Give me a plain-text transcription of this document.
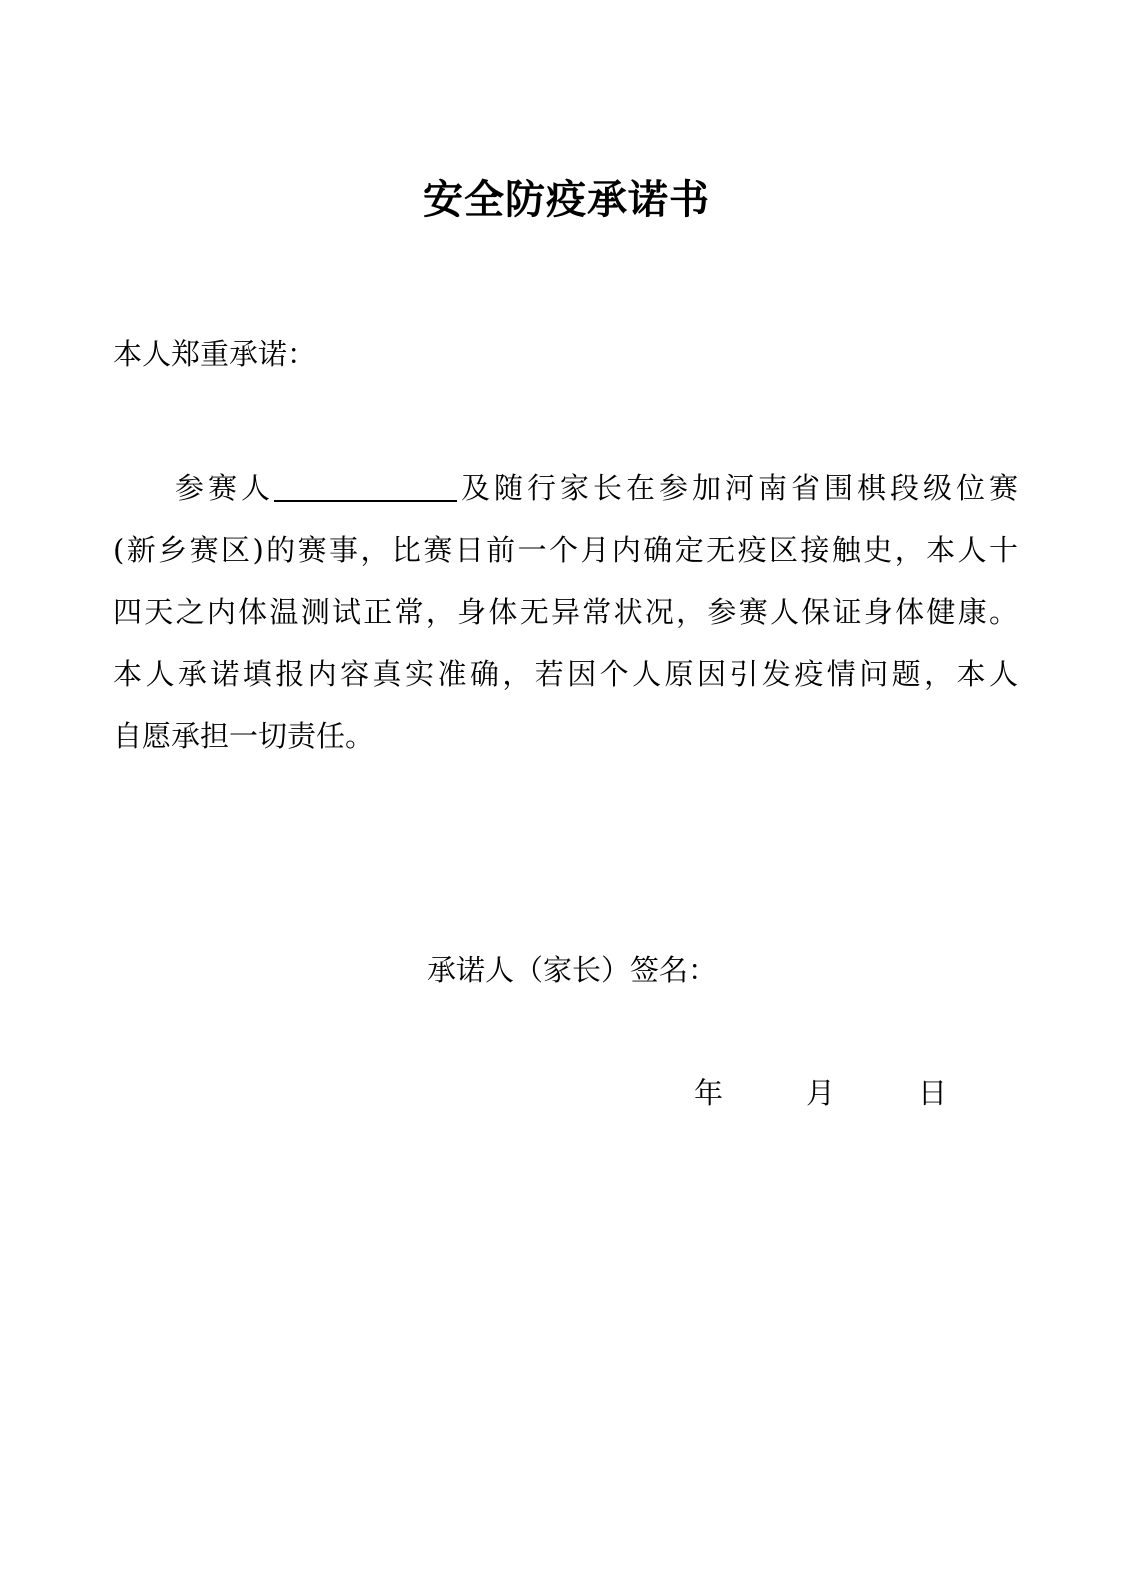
安全防疫承诺书
本人郑重承诺：
参赛人	及随行家长在参加河南省围棋段级位赛
(新乡赛区)的赛事，比赛日前一个月内确定无疫区接触史，本人十
四天之内体温测试正常，身体无异常状况，参赛人保证身体健康。
本人承诺填报内容真实准确，若因个人原因引发疫情问题，本人
自愿承担一切责任。
承诺人（家长）签名：
年	月	日
